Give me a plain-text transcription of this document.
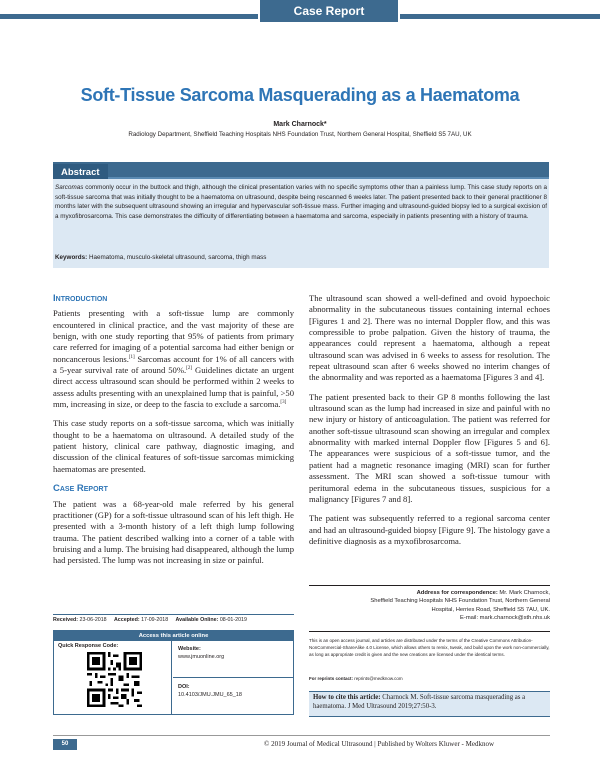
Case Report
Soft-Tissue Sarcoma Masquerading as a Haematoma
Mark Charnock*
Radiology Department, Sheffield Teaching Hospitals NHS Foundation Trust, Northern General Hospital, Sheffield S5 7AU, UK
Abstract
Sarcomas commonly occur in the buttock and thigh, although the clinical presentation varies with no specific symptoms other than a painless lump. This case study reports on a soft-tissue sarcoma that was initially thought to be a haematoma on ultrasound, despite being rescanned 6 weeks later. The patient presented back to their general practitioner 8 months later with the subsequent ultrasound showing an irregular and hypervascular soft-tissue mass. Further imaging and ultrasound-guided biopsy led to a surgical excision of a myxofibrosarcoma. This case demonstrates the difficulty of differentiating between a haematoma and sarcoma, especially in patients presenting with a history of trauma.
Keywords: Haematoma, musculo-skeletal ultrasound, sarcoma, thigh mass
Introduction

Patients presenting with a soft-tissue lump are commonly encountered in clinical practice, and the vast majority of these are benign, with one study reporting that 95% of patients from primary care referred for imaging of a potential sarcoma had either benign or noncancerous lesions.[1] Sarcomas account for 1% of all cancers with a 5-year survival rate of around 50%.[2] Guidelines dictate an urgent direct access ultrasound scan should be performed within 2 weeks to assess adults presenting with an unexplained lump that is painful, >50 mm, increasing in size, or deep to the fascia to exclude a sarcoma.[3]

This case study reports on a soft-tissue sarcoma, which was initially thought to be a haematoma on ultrasound. A detailed study of the patient history, clinical care pathway, diagnostic imaging, and discussion of the clinical features of soft-tissue sarcomas mimicking haematomas are presented.

Case Report

The patient was a 68-year-old male referred by his general practitioner (GP) for a soft-tissue ultrasound scan of his left thigh. He presented with a 3-month history of a left thigh lump following trauma. The patient described walking into a corner of a table with bruising and a lump. The bruising had disappeared, although the lump had persisted. The lump was not increasing in size or painful.

The ultrasound scan showed a well-defined and ovoid hypoechoic abnormality in the subcutaneous tissues containing internal echoes [Figures 1 and 2]. There was no internal Doppler flow, and this was compressible to probe palpation. Given the history of trauma, the appearances could represent a haematoma, although a repeat ultrasound scan was advised in 6 weeks to assess for resolution. The repeat ultrasound scan after 6 weeks showed no interim changes of the abnormality and was reported as a haematoma [Figures 3 and 4].

The patient presented back to their GP 8 months following the last ultrasound scan as the lump had increased in size and painful with no new injury or history of anticoagulation. The patient was referred for another soft-tissue ultrasound scan showing an irregular and complex abnormality with marked internal Doppler flow [Figures 5 and 6]. The appearances were suspicious of a soft-tissue tumor, and the patient had a magnetic resonance imaging (MRI) scan for further assessment. The MRI scan showed a soft-tissue tumour with peritumoral edema in the subcutaneous tissues, suspicious for a malignancy [Figures 7 and 8].

The patient was subsequently referred to a regional sarcoma center and had an ultrasound-guided biopsy [Figure 9]. The histology gave a definitive diagnosis as a myxofibrosarcoma.

Received: 23-06-2018 Accepted: 17-09-2018 Available Online: 08-01-2019
Access this article online
Quick Response Code:	Website:
www.jmuonline.org
DOI:
10.4103/JMU.JMU_65_18
Address for correspondence: Mr. Mark Charnock,
Sheffield Teaching Hospitals NHS Foundation Trust, Northern General
Hospital, Herries Road, Sheffield S5 7AU, UK.
E-mail: mark.charnock@sth.nhs.uk
This is an open access journal, and articles are distributed under the terms of the Creative Commons Attribution-NonCommercial-ShareAlike 4.0 License, which allows others to remix, tweak, and build upon the work non-commercially, as long as appropriate credit is given and the new creations are licensed under the identical terms.
For reprints contact: reprints@medknow.com
How to cite this article: Charnock M. Soft-tissue sarcoma masquerading as a haematoma. J Med Ultrasound 2019;27:50-3.
50	© 2019 Journal of Medical Ultrasound | Published by Wolters Kluwer - Medknow
